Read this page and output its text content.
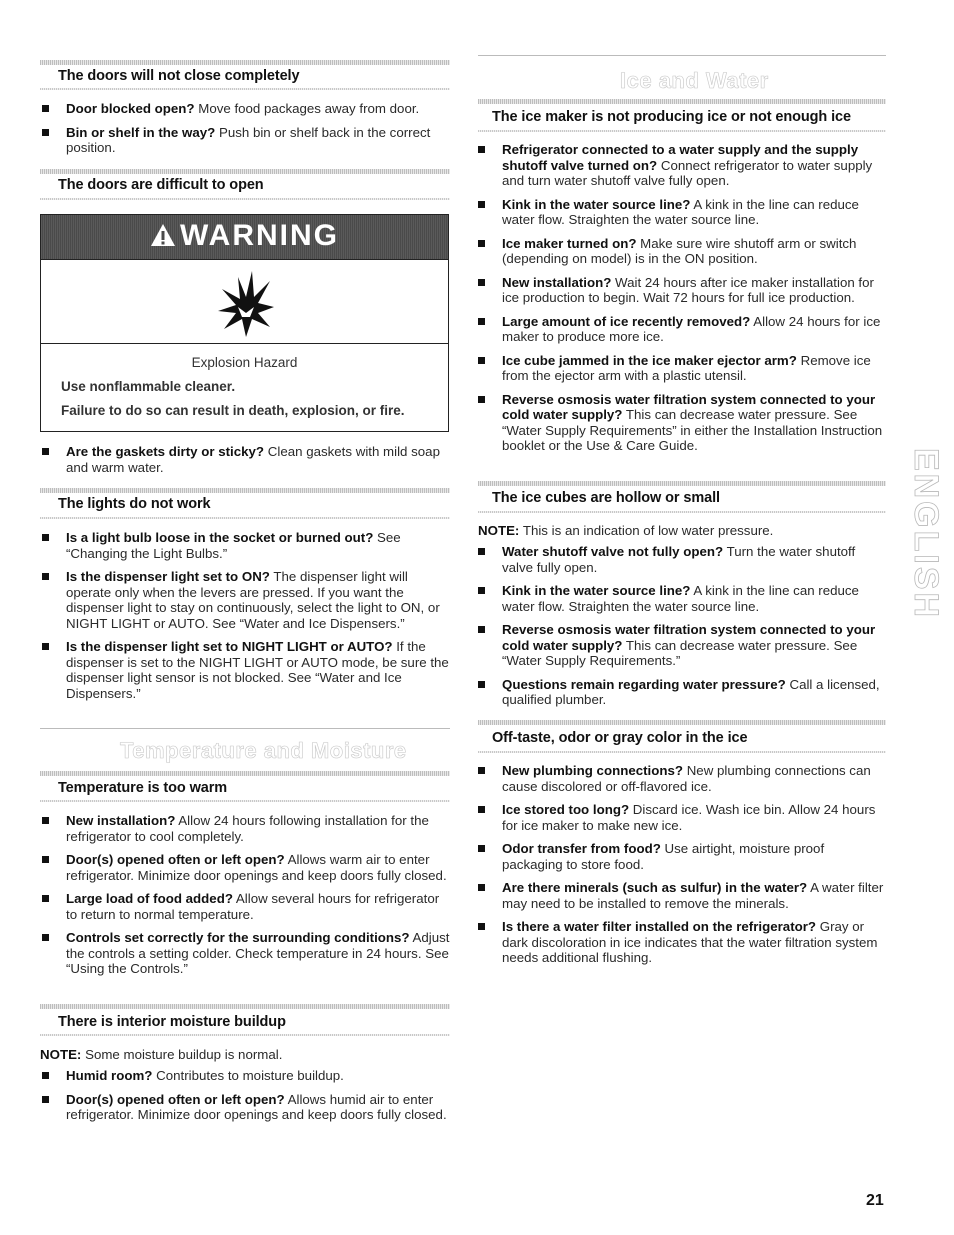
The doors will not close completely
Door blocked open? Move food packages away from door.
Bin or shelf in the way? Push bin or shelf back in the correct position.
The doors are difficult to open
WARNING
Explosion Hazard
Use nonflammable cleaner.
Failure to do so can result in death, explosion, or fire.
Are the gaskets dirty or sticky? Clean gaskets with mild soap and warm water.
The lights do not work
Is a light bulb loose in the socket or burned out? See “Changing the Light Bulbs.”
Is the dispenser light set to ON? The dispenser light will operate only when the levers are pressed. If you want the dispenser light to stay on continuously, select the light to ON, or NIGHT LIGHT or AUTO. See “Water and Ice Dispensers.”
Is the dispenser light set to NIGHT LIGHT or AUTO? If the dispenser is set to the NIGHT LIGHT or AUTO mode, be sure the dispenser light sensor is not blocked. See “Water and Ice Dispensers.”
Temperature and Moisture
Temperature is too warm
New installation? Allow 24 hours following installation for the refrigerator to cool completely.
Door(s) opened often or left open? Allows warm air to enter refrigerator. Minimize door openings and keep doors fully closed.
Large load of food added? Allow several hours for refrigerator to return to normal temperature.
Controls set correctly for the surrounding conditions? Adjust the controls a setting colder. Check temperature in 24 hours. See “Using the Controls.”
There is interior moisture buildup
NOTE: Some moisture buildup is normal.
Humid room? Contributes to moisture buildup.
Door(s) opened often or left open? Allows humid air to enter refrigerator. Minimize door openings and keep doors fully closed.
Ice and Water
The ice maker is not producing ice or not enough ice
Refrigerator connected to a water supply and the supply shutoff valve turned on? Connect refrigerator to water supply and turn water shutoff valve fully open.
Kink in the water source line? A kink in the line can reduce water flow. Straighten the water source line.
Ice maker turned on? Make sure wire shutoff arm or switch (depending on model) is in the ON position.
New installation? Wait 24 hours after ice maker installation for ice production to begin. Wait 72 hours for full ice production.
Large amount of ice recently removed? Allow 24 hours for ice maker to produce more ice.
Ice cube jammed in the ice maker ejector arm? Remove ice from the ejector arm with a plastic utensil.
Reverse osmosis water filtration system connected to your cold water supply? This can decrease water pressure. See “Water Supply Requirements” in either the Installation Instruction booklet or the Use & Care Guide.
The ice cubes are hollow or small
NOTE: This is an indication of low water pressure.
Water shutoff valve not fully open? Turn the water shutoff valve fully open.
Kink in the water source line? A kink in the line can reduce water flow. Straighten the water source line.
Reverse osmosis water filtration system connected to your cold water supply? This can decrease water pressure. See “Water Supply Requirements.”
Questions remain regarding water pressure? Call a licensed, qualified plumber.
Off-taste, odor or gray color in the ice
New plumbing connections? New plumbing connections can cause discolored or off-flavored ice.
Ice stored too long? Discard ice. Wash ice bin. Allow 24 hours for ice maker to make new ice.
Odor transfer from food? Use airtight, moisture proof packaging to store food.
Are there minerals (such as sulfur) in the water? A water filter may need to be installed to remove the minerals.
Is there a water filter installed on the refrigerator? Gray or dark discoloration in ice indicates that the water filtration system needs additional flushing.
ENGLISH
21
